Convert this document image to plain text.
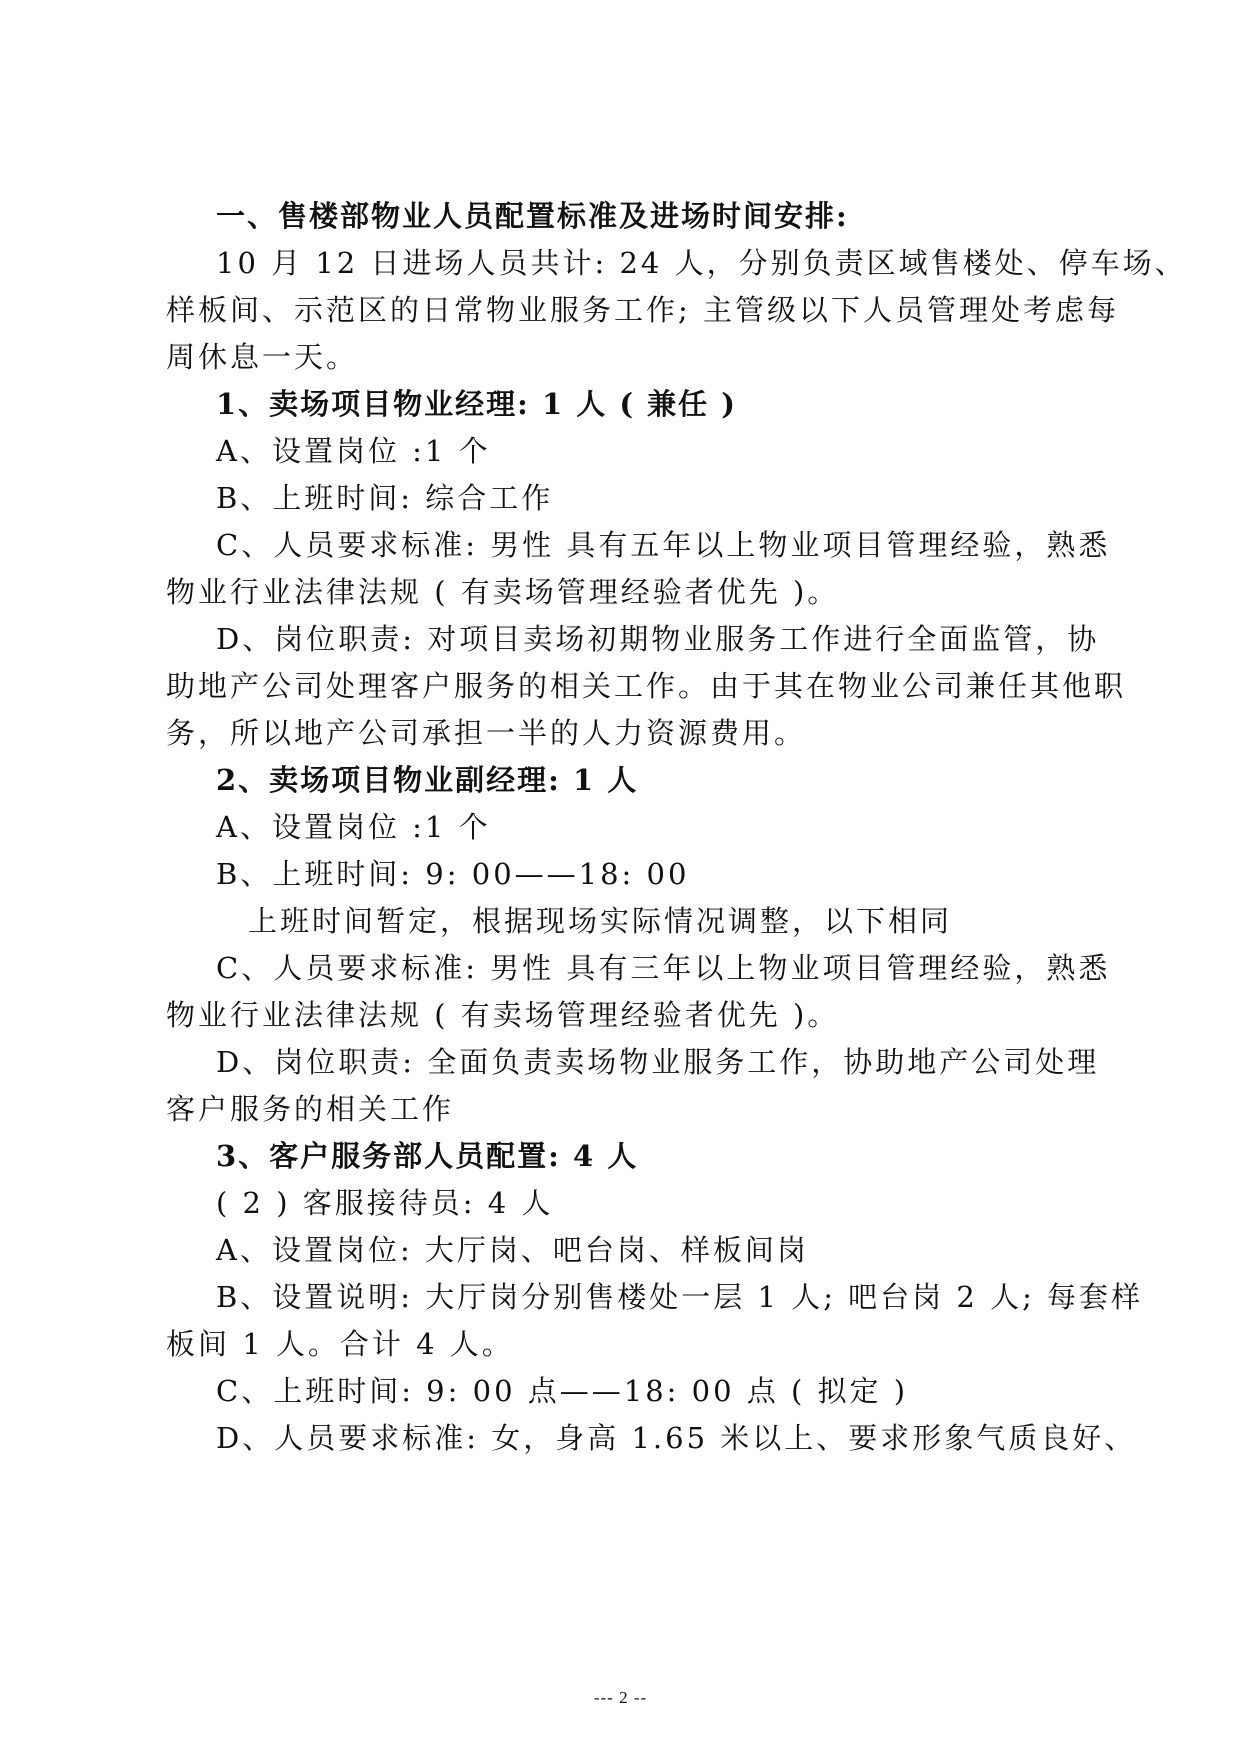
一、售楼部物业人员配置标准及进场时间安排:
10 月 12 日进场人员共计: 24 人，分别负责区域售楼处、停车场、
样板间、示范区的日常物业服务工作; 主管级以下人员管理处考虑每
周休息一天。
1、卖场项目物业经理: 1 人 ( 兼任 )
A、设置岗位 :1 个
B、上班时间: 综合工作
C、人员要求标准: 男性 具有五年以上物业项目管理经验，熟悉
物业行业法律法规 ( 有卖场管理经验者优先 )。
D、岗位职责: 对项目卖场初期物业服务工作进行全面监管，协
助地产公司处理客户服务的相关工作。由于其在物业公司兼任其他职
务，所以地产公司承担一半的人力资源费用。
2、卖场项目物业副经理: 1 人
A、设置岗位 :1 个
B、上班时间: 9: 00——18: 00
上班时间暂定，根据现场实际情况调整，以下相同
C、人员要求标准: 男性 具有三年以上物业项目管理经验，熟悉
物业行业法律法规 ( 有卖场管理经验者优先 )。
D、岗位职责: 全面负责卖场物业服务工作，协助地产公司处理
客户服务的相关工作
3、客户服务部人员配置: 4 人
( 2 ) 客服接待员: 4 人
A、设置岗位: 大厅岗、吧台岗、样板间岗
B、设置说明: 大厅岗分别售楼处一层 1 人; 吧台岗 2 人; 每套样
板间 1 人。合计 4 人。
C、上班时间: 9: 00 点——18: 00 点 ( 拟定 )
D、人员要求标准: 女，身高 1.65 米以上、要求形象气质良好、
--- 2 --
